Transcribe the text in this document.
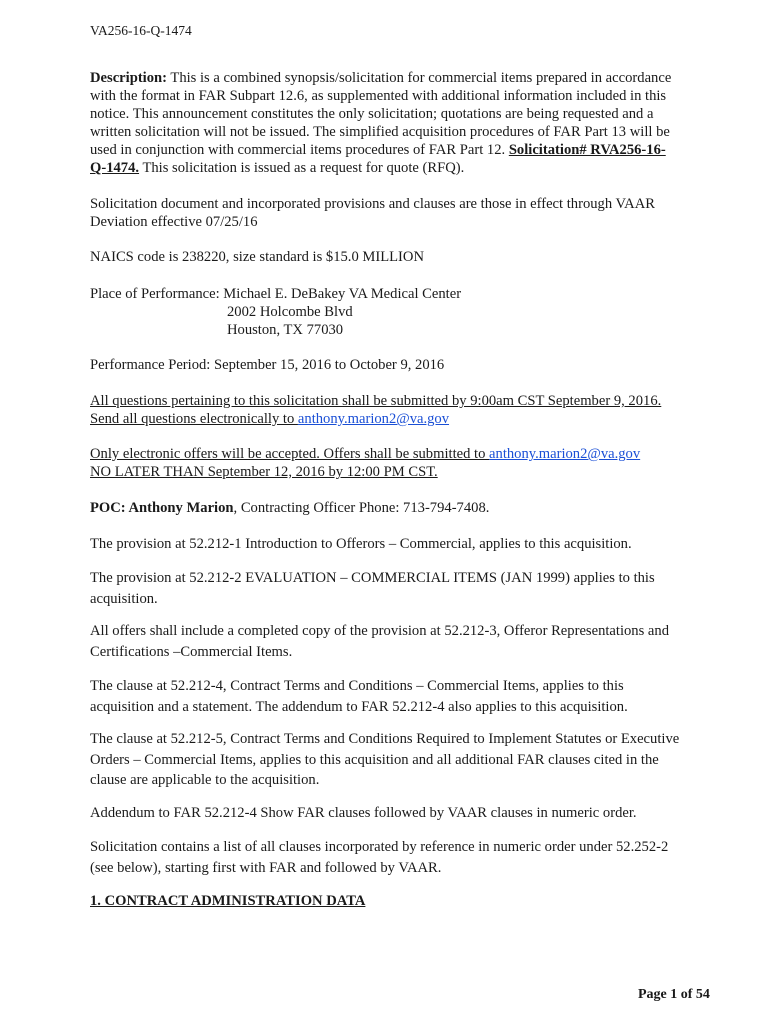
VA256-16-Q-1474
Description: This is a combined synopsis/solicitation for commercial items prepared in accordance
with the format in FAR Subpart 12.6, as supplemented with additional information included in this
notice. This announcement constitutes the only solicitation; quotations are being requested and a
written solicitation will not be issued. The simplified acquisition procedures of FAR Part 13 will be
used in conjunction with commercial items procedures of FAR Part 12. Solicitation# RVA256-16-
Q-1474. This solicitation is issued as a request for quote (RFQ).
Solicitation document and incorporated provisions and clauses are those in effect through VAAR
Deviation effective 07/25/16
NAICS code is 238220, size standard is $15.0 MILLION
Place of Performance: Michael E. DeBakey VA Medical Center
2002 Holcombe Blvd
Houston, TX 77030
Performance Period: September 15, 2016 to October 9, 2016
All questions pertaining to this solicitation shall be submitted by 9:00am CST September 9, 2016.
Send all questions electronically to anthony.marion2@va.gov
Only electronic offers will be accepted. Offers shall be submitted to anthony.marion2@va.gov
NO LATER THAN September 12, 2016 by 12:00 PM CST.
POC: Anthony Marion, Contracting Officer Phone: 713-794-7408.
The provision at 52.212-1 Introduction to Offerors – Commercial, applies to this acquisition.
The provision at 52.212-2 EVALUATION – COMMERCIAL ITEMS (JAN 1999) applies to this
acquisition.
All offers shall include a completed copy of the provision at 52.212-3, Offeror Representations and
Certifications –Commercial Items.
The clause at 52.212-4, Contract Terms and Conditions – Commercial Items, applies to this
acquisition and a statement. The addendum to FAR 52.212-4 also applies to this acquisition.
The clause at 52.212-5, Contract Terms and Conditions Required to Implement Statutes or Executive
Orders – Commercial Items, applies to this acquisition and all additional FAR clauses cited in the
clause are applicable to the acquisition.
Addendum to FAR 52.212-4 Show FAR clauses followed by VAAR clauses in numeric order.
Solicitation contains a list of all clauses incorporated by reference in numeric order under 52.252-2
(see below), starting first with FAR and followed by VAAR.
1. CONTRACT ADMINISTRATION DATA
Page 1 of 54
